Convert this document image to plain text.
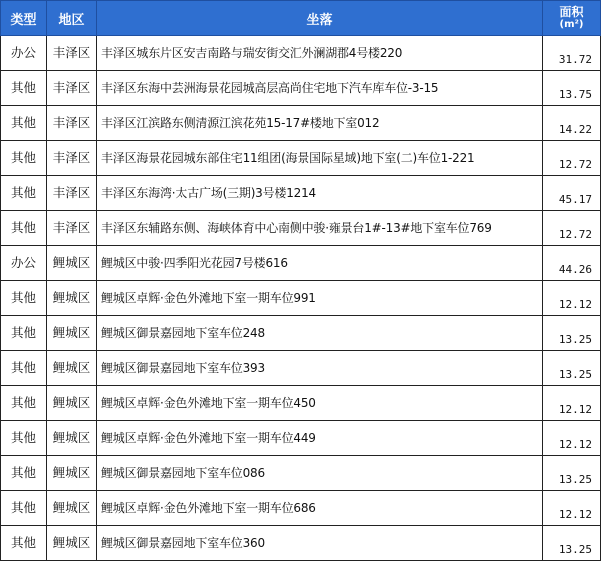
类型	地区	坐落	面积
(m²)

办公	丰泽区	丰泽区城东片区安吉南路与瑞安街交汇外澜湖郡4号楼220	31.72
其他	丰泽区	丰泽区东海中芸洲海景花园城高层高尚住宅地下汽车库车位-3-15	13.75
其他	丰泽区	丰泽区江滨路东侧清源江滨花苑15-17#楼地下室012	14.22
其他	丰泽区	丰泽区海景花园城东部住宅11组团(海景国际星域)地下室(二)车位1-221	12.72
其他	丰泽区	丰泽区东海湾·太古广场(三期)3号楼1214	45.17
其他	丰泽区	丰泽区东辅路东侧、海峡体育中心南侧中骏·雍景台1#-13#地下室车位769	12.72
办公	鲤城区	鲤城区中骏·四季阳光花园7号楼616	44.26
其他	鲤城区	鲤城区卓辉·金色外滩地下室一期车位991	12.12
其他	鲤城区	鲤城区御景嘉园地下室车位248	13.25
其他	鲤城区	鲤城区御景嘉园地下室车位393	13.25
其他	鲤城区	鲤城区卓辉·金色外滩地下室一期车位450	12.12
其他	鲤城区	鲤城区卓辉·金色外滩地下室一期车位449	12.12
其他	鲤城区	鲤城区御景嘉园地下室车位086	13.25
其他	鲤城区	鲤城区卓辉·金色外滩地下室一期车位686	12.12
其他	鲤城区	鲤城区御景嘉园地下室车位360	13.25
